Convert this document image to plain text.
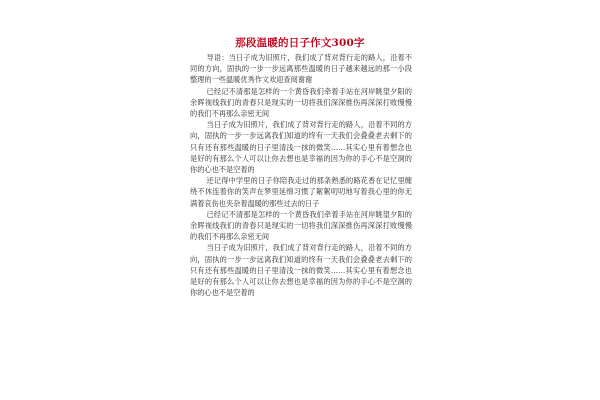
那段温暖的日子作文300字

导语：当日子成为旧照片，我们成了背对背行走的路人，沿着不同的方向，固执的一步一步远离那些温暖的日子越来越远的那一小段整理的一些温暖优秀作文欢迎查阅谢谢

已经记不清那是怎样的一个黄昏我们牵着手站在河岸眺望夕阳的余晖视线我们的青春只是现实的一切将我们深深推伤再深深打败慢慢的我们不再那么亲密无间

当日子成为旧照片，我们成了背对背行走的路人，沿着不同的方向，固执的一步一步远离我们知道的终有一天我们会叠叠老去剩下的只有还有那些温暖的日子里清浅一抹的微笑……其实心里有着想念也是好的有那么个人可以让你去想也是幸福的因为你的手心不是空洞的你的心也不是空着的

还记得中学里的日子你陪我走过的那条熟悉的路花香在记忆里缠绕不休连着你的笑声在梦里延绵习惯了絮絮叨叨地写着我心里的你无满着哀伤也夹杂着温暖的那些过去的日子

已经记不清那是怎样的一个黄昏我们牵着手站在河岸眺望夕阳的余晖视线我们的青春只是现实的一切将我们深深推伤再深深打败慢慢的我们不再那么亲密无间

当日子成为旧照片，我们成了背对背行走的路人，沿着不同的方向，固执的一步一步远离我们知道的终有一天我们会叠叠老去剩下的只有还有那些温暖的日子里清浅一抹的微笑……其实心里有着想念也是好的有那么个人可以让你去想也是幸福的因为你的手心不是空洞的你的心也不是空着的
